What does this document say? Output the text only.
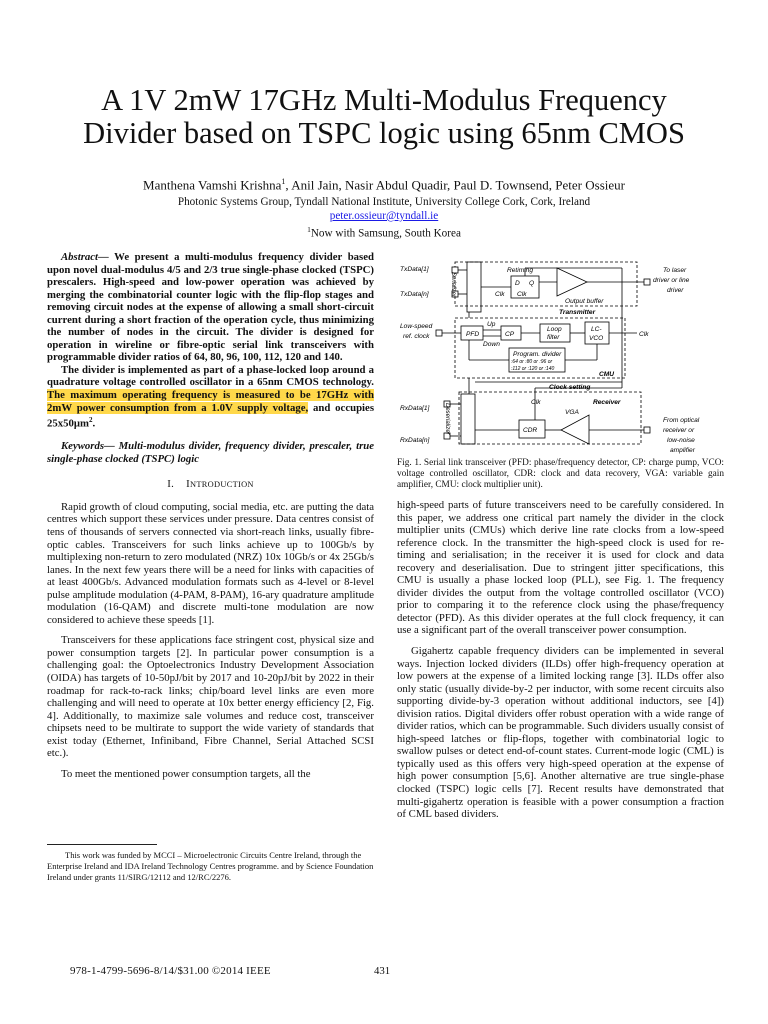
A 1V 2mW 17GHz Multi-Modulus Frequency
Divider based on TSPC logic using 65nm CMOS
Manthena Vamshi Krishna$^1$, Anil Jain, Nasir Abdul Quadir, Paul D. Townsend, Peter Ossieur
Photonic Systems Group, Tyndall National Institute, University College Cork, Cork, Ireland
peter.ossieur@tyndall.ie
$^1$Now with Samsung, South Korea

Abstract— We present a multi-modulus frequency divider based upon novel dual-modulus 4/5 and 2/3 true single-phase clocked (TSPC) prescalers. High-speed and low-power operation was achieved by merging the combinatorial counter logic with the flip-flop stages and removing circuit nodes at the expense of allowing a small short-circuit current during a short fraction of the operation cycle, thus minimizing the number of nodes in the circuit. The divider is designed for operation in wireline or fibre-optic serial link transceivers with programmable divider ratios of 64, 80, 96, 100, 112, 120 and 140.

The divider is implemented as part of a phase-locked loop around a quadrature voltage controlled oscillator in a 65nm CMOS technology. The maximum operating frequency is measured to be 17GHz with 2mW power consumption from a 1.0V supply voltage, and occupies $25x50\mu m^2$.

Keywords— Multi-modulus divider, frequency divider, prescaler, true single-phase clocked (TSPC) logic

I. INTRODUCTION

Rapid growth of cloud computing, social media, etc. are putting the data centres which support these services under pressure. Data centres consist of tens of thousands of servers connected via short-reach links, usually fibre-optic cables. Transceivers for such links achieve up to 100Gb/s by multiplexing non-return to zero modulated (NRZ) 10x 10Gb/s or 4x 25Gb/s lanes. In the next few years there will be a need for links with capacities of at least 400Gb/s. Advanced modulation formats such as 4-level or 8-level pulse amplitude modulation (4-PAM, 8-PAM), 16-ary quadrature amplitude modulation (16-QAM) and discrete multi-tone modulation are now considered to achieve these speeds [1].

Transceivers for these applications face stringent cost, physical size and power consumption targets [2]. In particular power consumption is a challenging goal: the Optoelectronics Industry Development Association (OIDA) has targets of 10-50pJ/bit by 2017 and 10-20pJ/bit by 2022 in their roadmap for rack-to-rack links; chip/board level links are even more challenging and will need to operate at 10x better energy efficiency [2, Fig. 4]. Additionally, to maximize sale volumes and reduce cost, transceiver chipsets need to be multirate to support the wide variety of standards that exist today (Ethernet, Infiniband, Fibre Channel, Serial Attached SCSI etc.).

To meet the mentioned power consumption targets, all the

This work was funded by MCCI – Microelectronic Circuits Centre Ireland, through the Enterprise Ireland and IDA Ireland Technology Centres programme. and by Science Foundation Ireland under grants 11/SIRG/12112 and 12/RC/2276.
TxData[1]
TxData[n]	Serializer
Retiming
D Q
Clk
Clk
Output buffer
Transmitter
To laser
driver or line
driver
Low-speed
ref. clock	PFD
Up
Down
CP
Loop
filter
LC-
VCO
Clk
Program. divider
:64 or :80 or :96 or
:112 or :120 or :140
CMU
Clock setting
RxData[1]
RxData[n]
Deserializer
Receiver
VGA
CDR
Clk
From optical
receiver or
low-noise
amplifier
Fig. 1. Serial link transceiver (PFD: phase/frequency detector, CP: charge pump, VCO: voltage controlled oscillator, CDR: clock and data recovery, VGA: variable gain amplifier, CMU: clock multiplier unit).

high-speed parts of future transceivers need to be carefully considered. In this paper, we address one critical part namely the divider in the clock multiplier units (CMUs) which derive line rate clocks from a low-speed reference clock. In the transmitter the high-speed clock is used for re-timing and serialisation; in the receiver it is used for clock and data recovery and deserialisation. Due to stringent jitter specifications, this CMU is usually a phase locked loop (PLL), see Fig. 1. The frequency divider divides the output from the voltage controlled oscillator (VCO) prior to comparing it to the reference clock using the phase/frequency detector (PFD). As this divider operates at the full clock frequency, it can use a significant part of the overall transceiver power consumption.

Gigahertz capable frequency dividers can be implemented in several ways. Injection locked dividers (ILDs) offer high-frequency operation at low powers at the expense of a limited locking range [3]. ILDs offer also only static (usually divide-by-2 per inductor, with some recent circuits also supporting divide-by-3 operation without additional inductors, see [4]) division ratios. Digital dividers offer robust operation with a wide range of divider ratios, which can be programmable. Such dividers usually consist of high-speed latches or flip-flops, together with combinatorial logic to swallow pulses or detect end-of-count states. Current-mode logic (CML) is typically used as this offers very high-speed operation at the expense of high power consumption [5,6]. Another alternative are true single-phase clocked (TSPC) logic cells [7]. Recent results have demonstrated that multi-gigahertz operation is feasible with a power consumption a fraction of CML based dividers.

978-1-4799-5696-8/14/$31.00 ©2014 IEEE	431
